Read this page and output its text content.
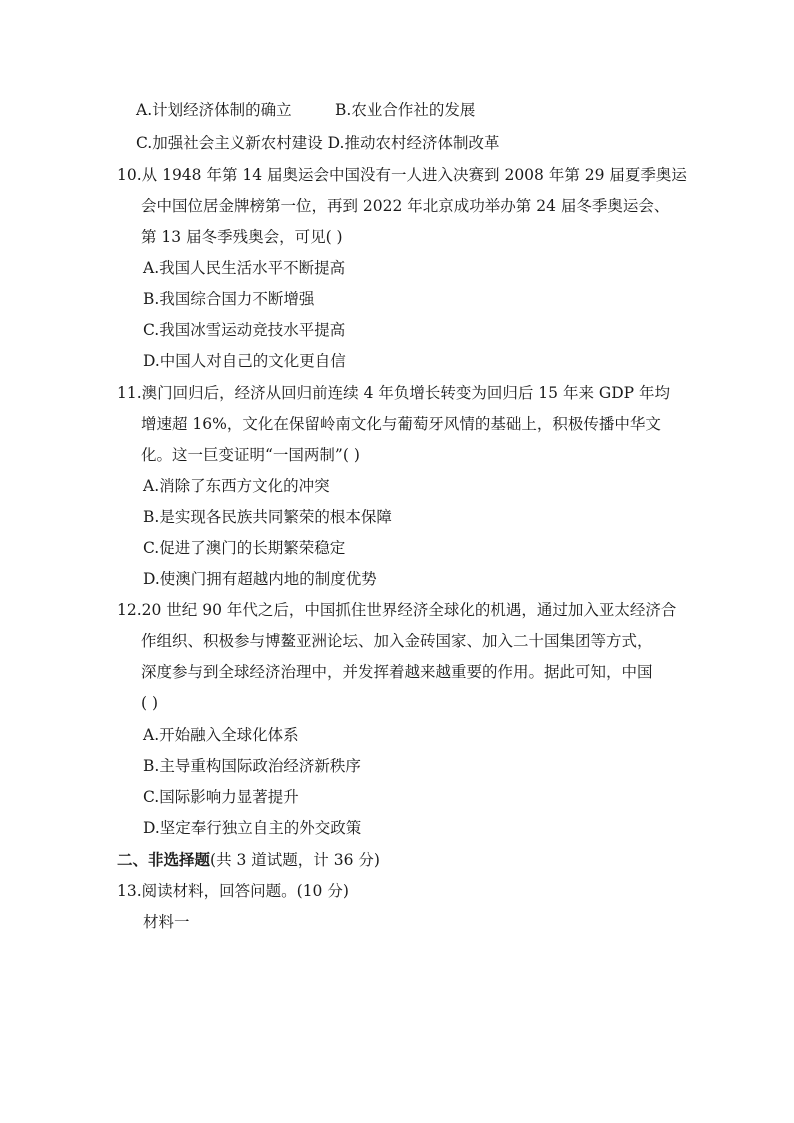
A.计划经济体制的确立	B.农业合作社的发展
C.加强社会主义新农村建设 D.推动农村经济体制改革
10.从 1948 年第 14 届奥运会中国没有一人进入决赛到 2008 年第 29 届夏季奥运
会中国位居金牌榜第一位，再到 2022 年北京成功举办第 24 届冬季奥运会、
第 13 届冬季残奥会，可见( )
A.我国人民生活水平不断提高
B.我国综合国力不断增强
C.我国冰雪运动竞技水平提高
D.中国人对自己的文化更自信
11.澳门回归后，经济从回归前连续 4 年负增长转变为回归后 15 年来 GDP 年均
增速超 16%，文化在保留岭南文化与葡萄牙风情的基础上，积极传播中华文
化。这一巨变证明“一国两制”( )
A.消除了东西方文化的冲突
B.是实现各民族共同繁荣的根本保障
C.促进了澳门的长期繁荣稳定
D.使澳门拥有超越内地的制度优势
12.20 世纪 90 年代之后，中国抓住世界经济全球化的机遇，通过加入亚太经济合
作组织、积极参与博鳌亚洲论坛、加入金砖国家、加入二十国集团等方式，
深度参与到全球经济治理中，并发挥着越来越重要的作用。据此可知，中国
( )
A.开始融入全球化体系
B.主导重构国际政治经济新秩序
C.国际影响力显著提升
D.坚定奉行独立自主的外交政策
二、非选择题(共 3 道试题，计 36 分)
13.阅读材料，回答问题。(10 分)
材料一
